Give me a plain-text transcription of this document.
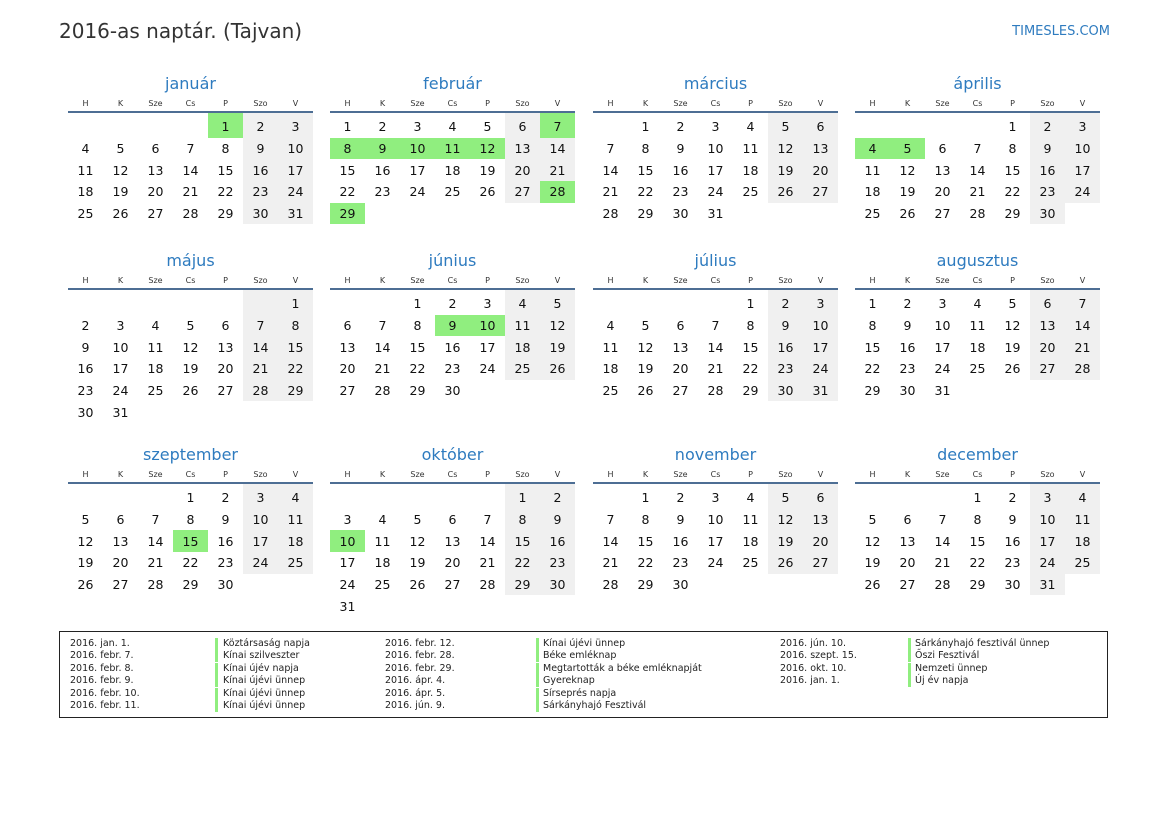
2016-as naptár. (Tajvan)	TIMESLES.COM
január
H	K	Sze	Cs	P	Szo	V
				1	2	3
4	5	6	7	8	9	10
11	12	13	14	15	16	17
18	19	20	21	22	23	24
25	26	27	28	29	30	31
február
H	K	Sze	Cs	P	Szo	V
1	2	3	4	5	6	7
8	9	10	11	12	13	14
15	16	17	18	19	20	21
22	23	24	25	26	27	28
29						
március
H	K	Sze	Cs	P	Szo	V
	1	2	3	4	5	6
7	8	9	10	11	12	13
14	15	16	17	18	19	20
21	22	23	24	25	26	27
28	29	30	31			
április
H	K	Sze	Cs	P	Szo	V
				1	2	3
4	5	6	7	8	9	10
11	12	13	14	15	16	17
18	19	20	21	22	23	24
25	26	27	28	29	30	
május
H	K	Sze	Cs	P	Szo	V
						1
2	3	4	5	6	7	8
9	10	11	12	13	14	15
16	17	18	19	20	21	22
23	24	25	26	27	28	29
30	31					
június
H	K	Sze	Cs	P	Szo	V
		1	2	3	4	5
6	7	8	9	10	11	12
13	14	15	16	17	18	19
20	21	22	23	24	25	26
27	28	29	30			
július
H	K	Sze	Cs	P	Szo	V
				1	2	3
4	5	6	7	8	9	10
11	12	13	14	15	16	17
18	19	20	21	22	23	24
25	26	27	28	29	30	31
augusztus
H	K	Sze	Cs	P	Szo	V
1	2	3	4	5	6	7
8	9	10	11	12	13	14
15	16	17	18	19	20	21
22	23	24	25	26	27	28
29	30	31				
szeptember
H	K	Sze	Cs	P	Szo	V
			1	2	3	4
5	6	7	8	9	10	11
12	13	14	15	16	17	18
19	20	21	22	23	24	25
26	27	28	29	30		
október
H	K	Sze	Cs	P	Szo	V
					1	2
3	4	5	6	7	8	9
10	11	12	13	14	15	16
17	18	19	20	21	22	23
24	25	26	27	28	29	30
31						
november
H	K	Sze	Cs	P	Szo	V
	1	2	3	4	5	6
7	8	9	10	11	12	13
14	15	16	17	18	19	20
21	22	23	24	25	26	27
28	29	30				
december
H	K	Sze	Cs	P	Szo	V
			1	2	3	4
5	6	7	8	9	10	11
12	13	14	15	16	17	18
19	20	21	22	23	24	25
26	27	28	29	30	31	
2016. jan. 1.	Köztársaság napja
2016. febr. 7.	Kínai szilveszter
2016. febr. 8.	Kínai újév napja
2016. febr. 9.	Kínai újévi ünnep
2016. febr. 10.	Kínai újévi ünnep
2016. febr. 11.	Kínai újévi ünnep
2016. febr. 12.	Kínai újévi ünnep
2016. febr. 28.	Béke emléknap
2016. febr. 29.	Megtartották a béke emléknapját
2016. ápr. 4.	Gyereknap
2016. ápr. 5.	Sírseprés napja
2016. jún. 9.	Sárkányhajó Fesztivál
2016. jún. 10.	Sárkányhajó fesztivál ünnep
2016. szept. 15.	Őszi Fesztivál
2016. okt. 10.	Nemzeti ünnep
2016. jan. 1.	Új év napja
